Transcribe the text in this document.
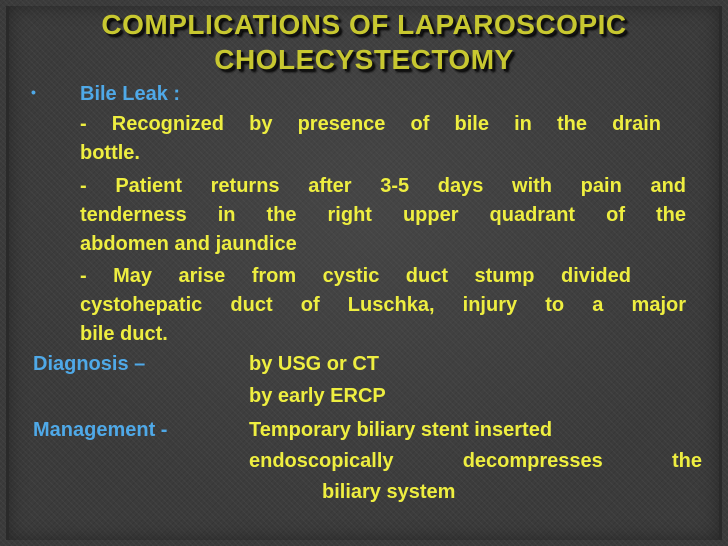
COMPLICATIONS OF LAPAROSCOPIC
CHOLECYSTECTOMY
• Bile Leak :
- Recognized by presence of bile in the drain
bottle.
- Patient returns after 3-5 days with pain and
tenderness in the right upper quadrant of the
abdomen and jaundice
- May arise from cystic duct stump divided
cystohepatic duct of Luschka, injury to a major
bile duct.
Diagnosis –	by USG or CT
by early ERCP
Management -	Temporary biliary stent inserted
endoscopically decompresses the
biliary system
